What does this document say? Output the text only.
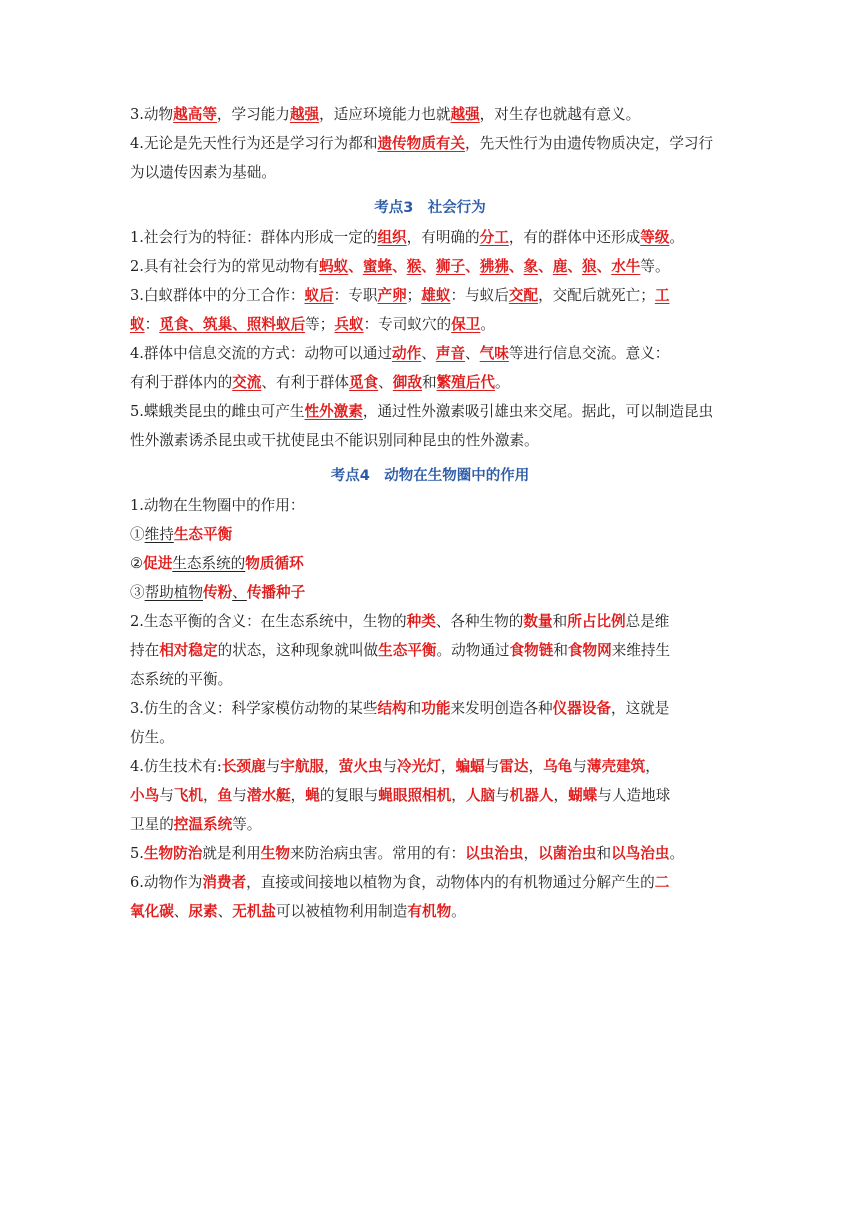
3.动物越高等，学习能力越强，适应环境能力也就越强，对生存也就越有意义。
4.无论是先天性行为还是学习行为都和遗传物质有关，先天性行为由遗传物质决定，学习行
为以遗传因素为基础。
考点3　社会行为
1.社会行为的特征：群体内形成一定的组织，有明确的分工，有的群体中还形成等级。
2.具有社会行为的常见动物有蚂蚁、蜜蜂、猴、狮子、狒狒、象、鹿、狼、水牛等。
3.白蚁群体中的分工合作：蚁后：专职产卵；雄蚁：与蚁后交配，交配后就死亡；工
蚁：觅食、筑巢、照料蚁后等；兵蚁：专司蚁穴的保卫。
4.群体中信息交流的方式：动物可以通过动作、声音、气味等进行信息交流。意义：
有利于群体内的交流、有利于群体觅食、御敌和繁殖后代。
5.蝶蛾类昆虫的雌虫可产生性外激素，通过性外激素吸引雄虫来交尾。据此，可以制造昆虫
性外激素诱杀昆虫或干扰使昆虫不能识别同种昆虫的性外激素。
考点4　动物在生物圈中的作用
1.动物在生物圈中的作用：
①维持生态平衡
②促进生态系统的物质循环
③帮助植物传粉、传播种子
2.生态平衡的含义：在生态系统中，生物的种类、各种生物的数量和所占比例总是维
持在相对稳定的状态，这种现象就叫做生态平衡。动物通过食物链和食物网来维持生
态系统的平衡。
3.仿生的含义：科学家模仿动物的某些结构和功能来发明创造各种仪器设备，这就是
仿生。
4.仿生技术有:长颈鹿与宇航服，萤火虫与冷光灯，蝙蝠与雷达，乌龟与薄壳建筑，
小鸟与飞机，鱼与潜水艇，蝇的复眼与蝇眼照相机，人脑与机器人，蝴蝶与人造地球
卫星的控温系统等。
5.生物防治就是利用生物来防治病虫害。常用的有：以虫治虫，以菌治虫和以鸟治虫。
6.动物作为消费者，直接或间接地以植物为食，动物体内的有机物通过分解产生的二
氧化碳、尿素、无机盐可以被植物利用制造有机物。
